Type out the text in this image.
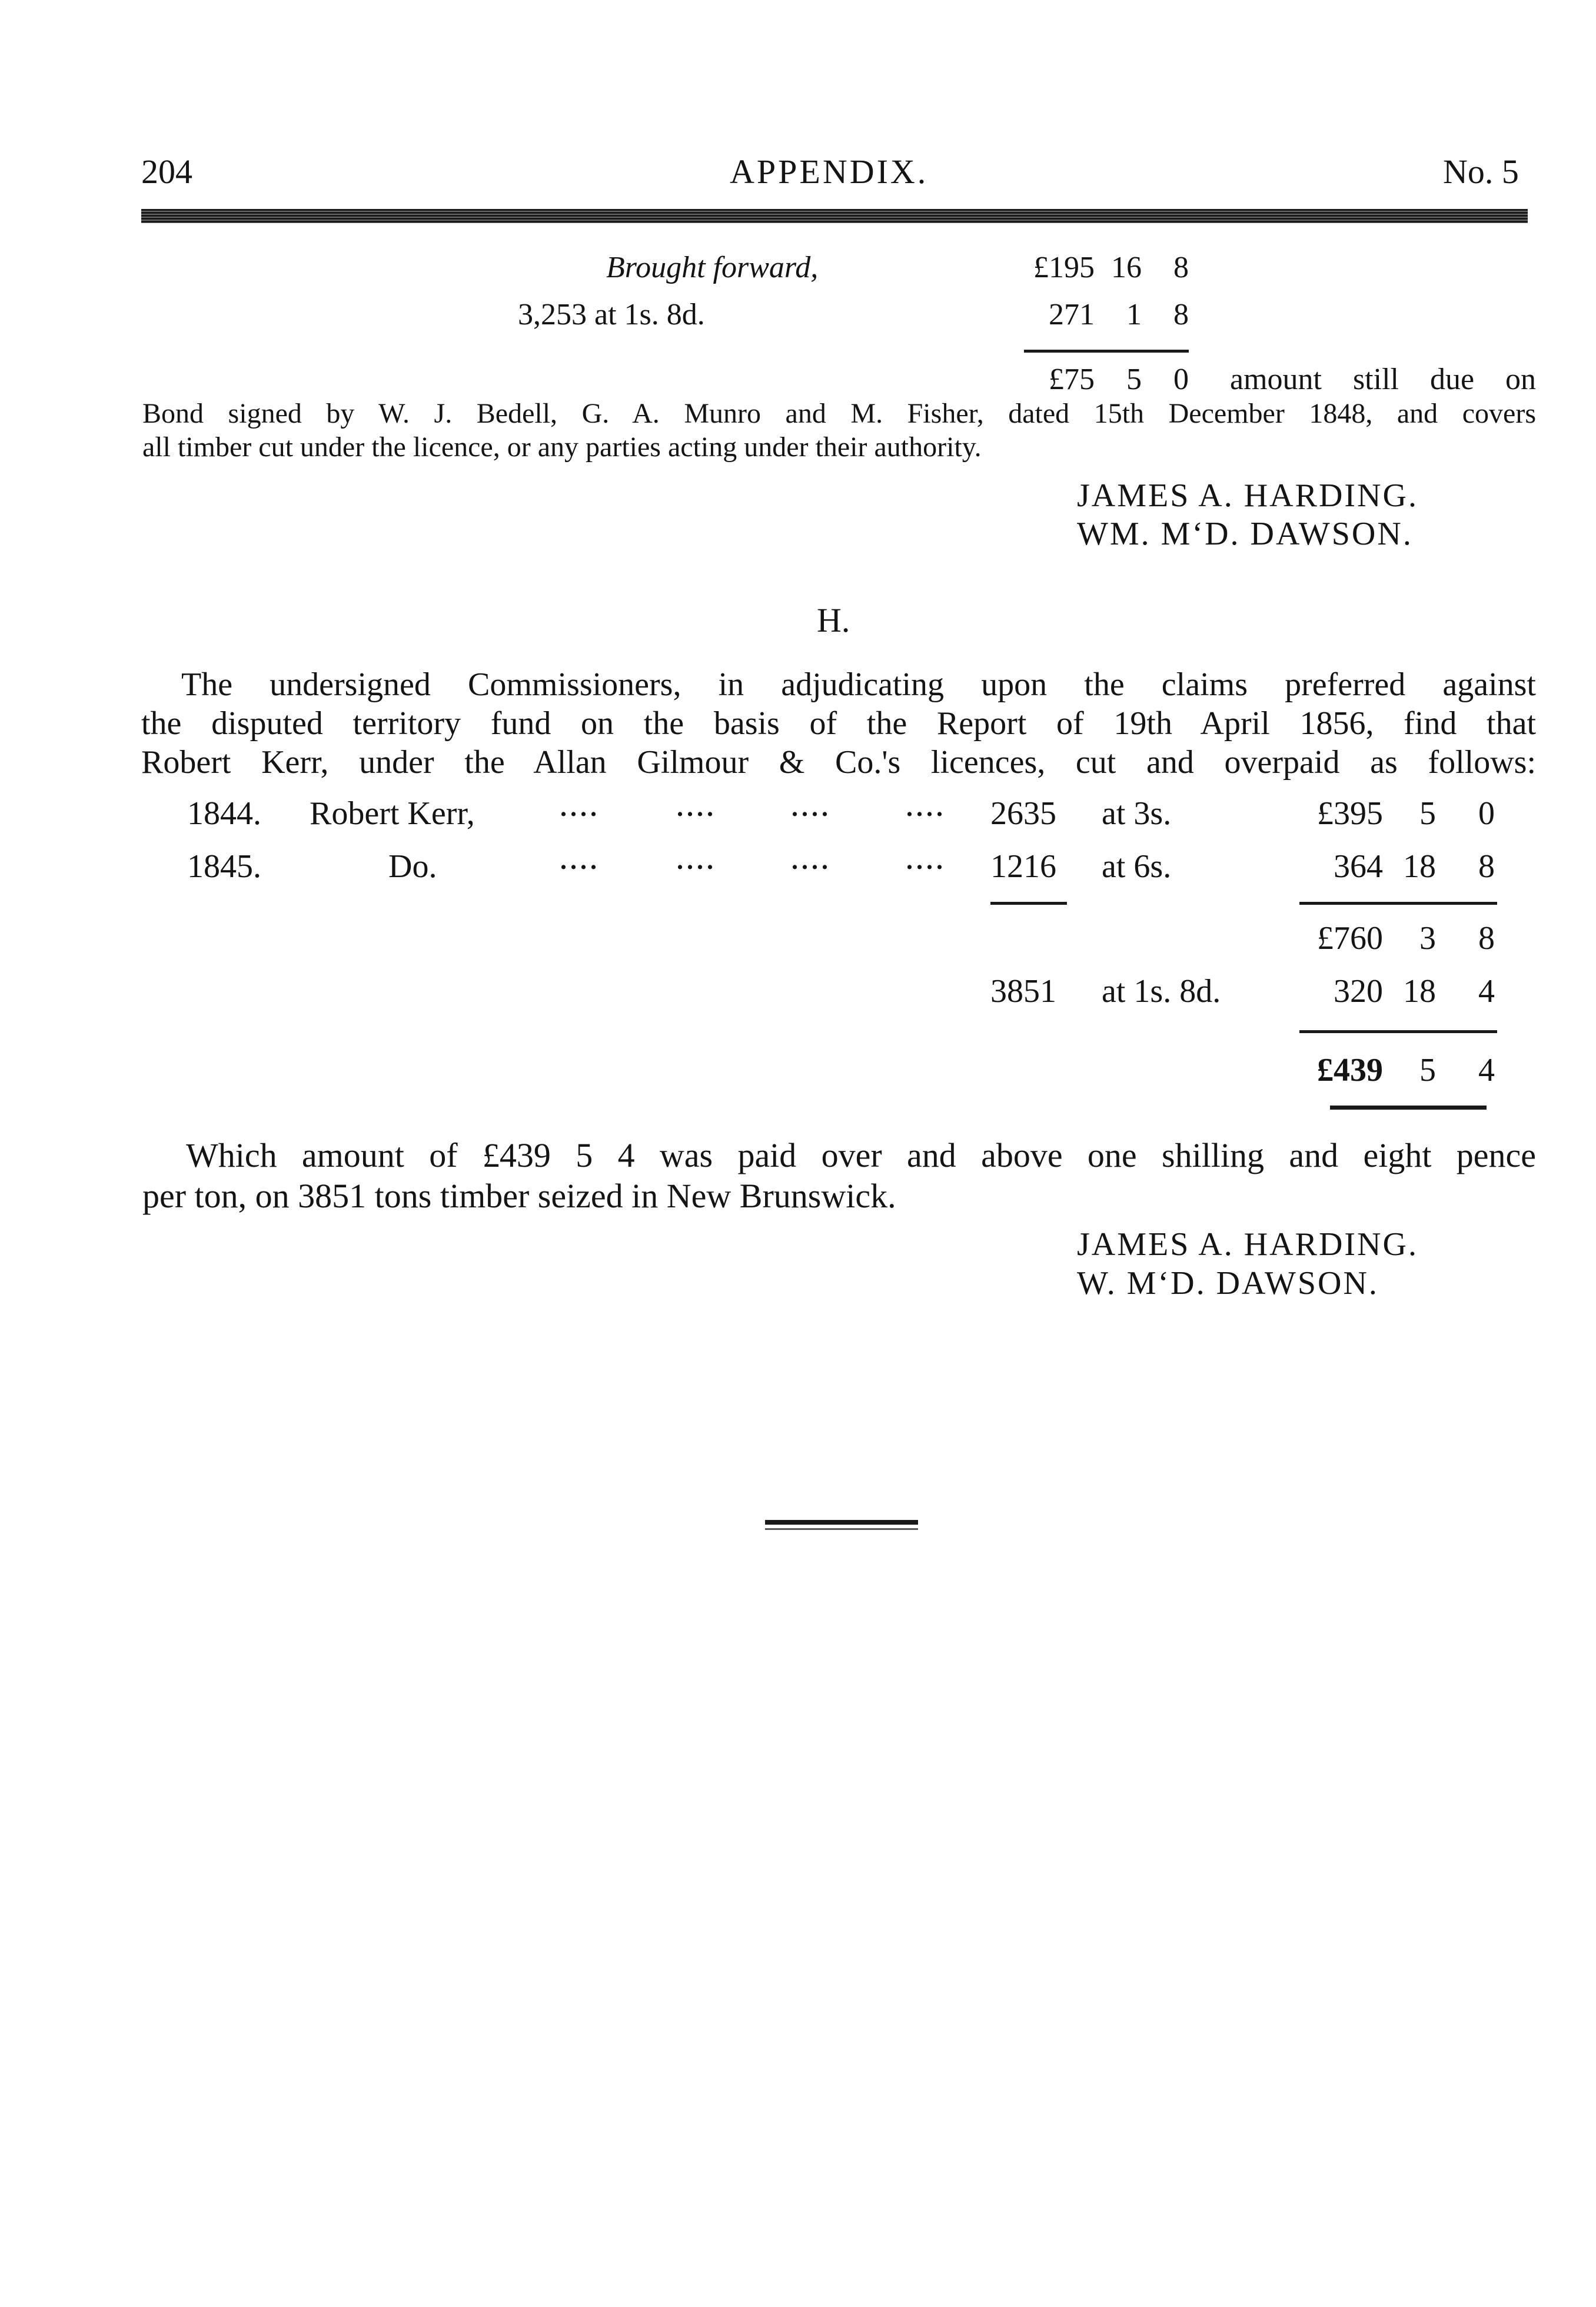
204	APPENDIX.	No. 5
Brought forward,	£195 16	8
3,253 at 1s. 8d.	271	1	8
£75	5	0 amount still due on
Bond signed by W. J. Bedell, G. A. Munro and M. Fisher, dated 15th December 1848, and covers
all timber cut under the licence, or any parties acting under their authority.
JAMES A. HARDING.
WM. M‘D. DAWSON.
H.
The undersigned Commissioners, in adjudicating upon the claims preferred against
the disputed territory fund on the basis of the Report of 19th April 1856, find that
Robert Kerr, under the Allan Gilmour & Co.'s licences, cut and overpaid as follows:
1844. Robert Kerr,	....	....	....	.... 2635 at 3s.	£395	5	0
1845.	Do.	....	....	....	.... 1216 at 6s.	364 18	8
£760	3	8
3851 at 1s. 8d.	320 18	4
£439	5	4
Which amount of £439 5 4 was paid over and above one shilling and eight pence
per ton, on 3851 tons timber seized in New Brunswick.
JAMES A. HARDING.
W. M‘D. DAWSON.
